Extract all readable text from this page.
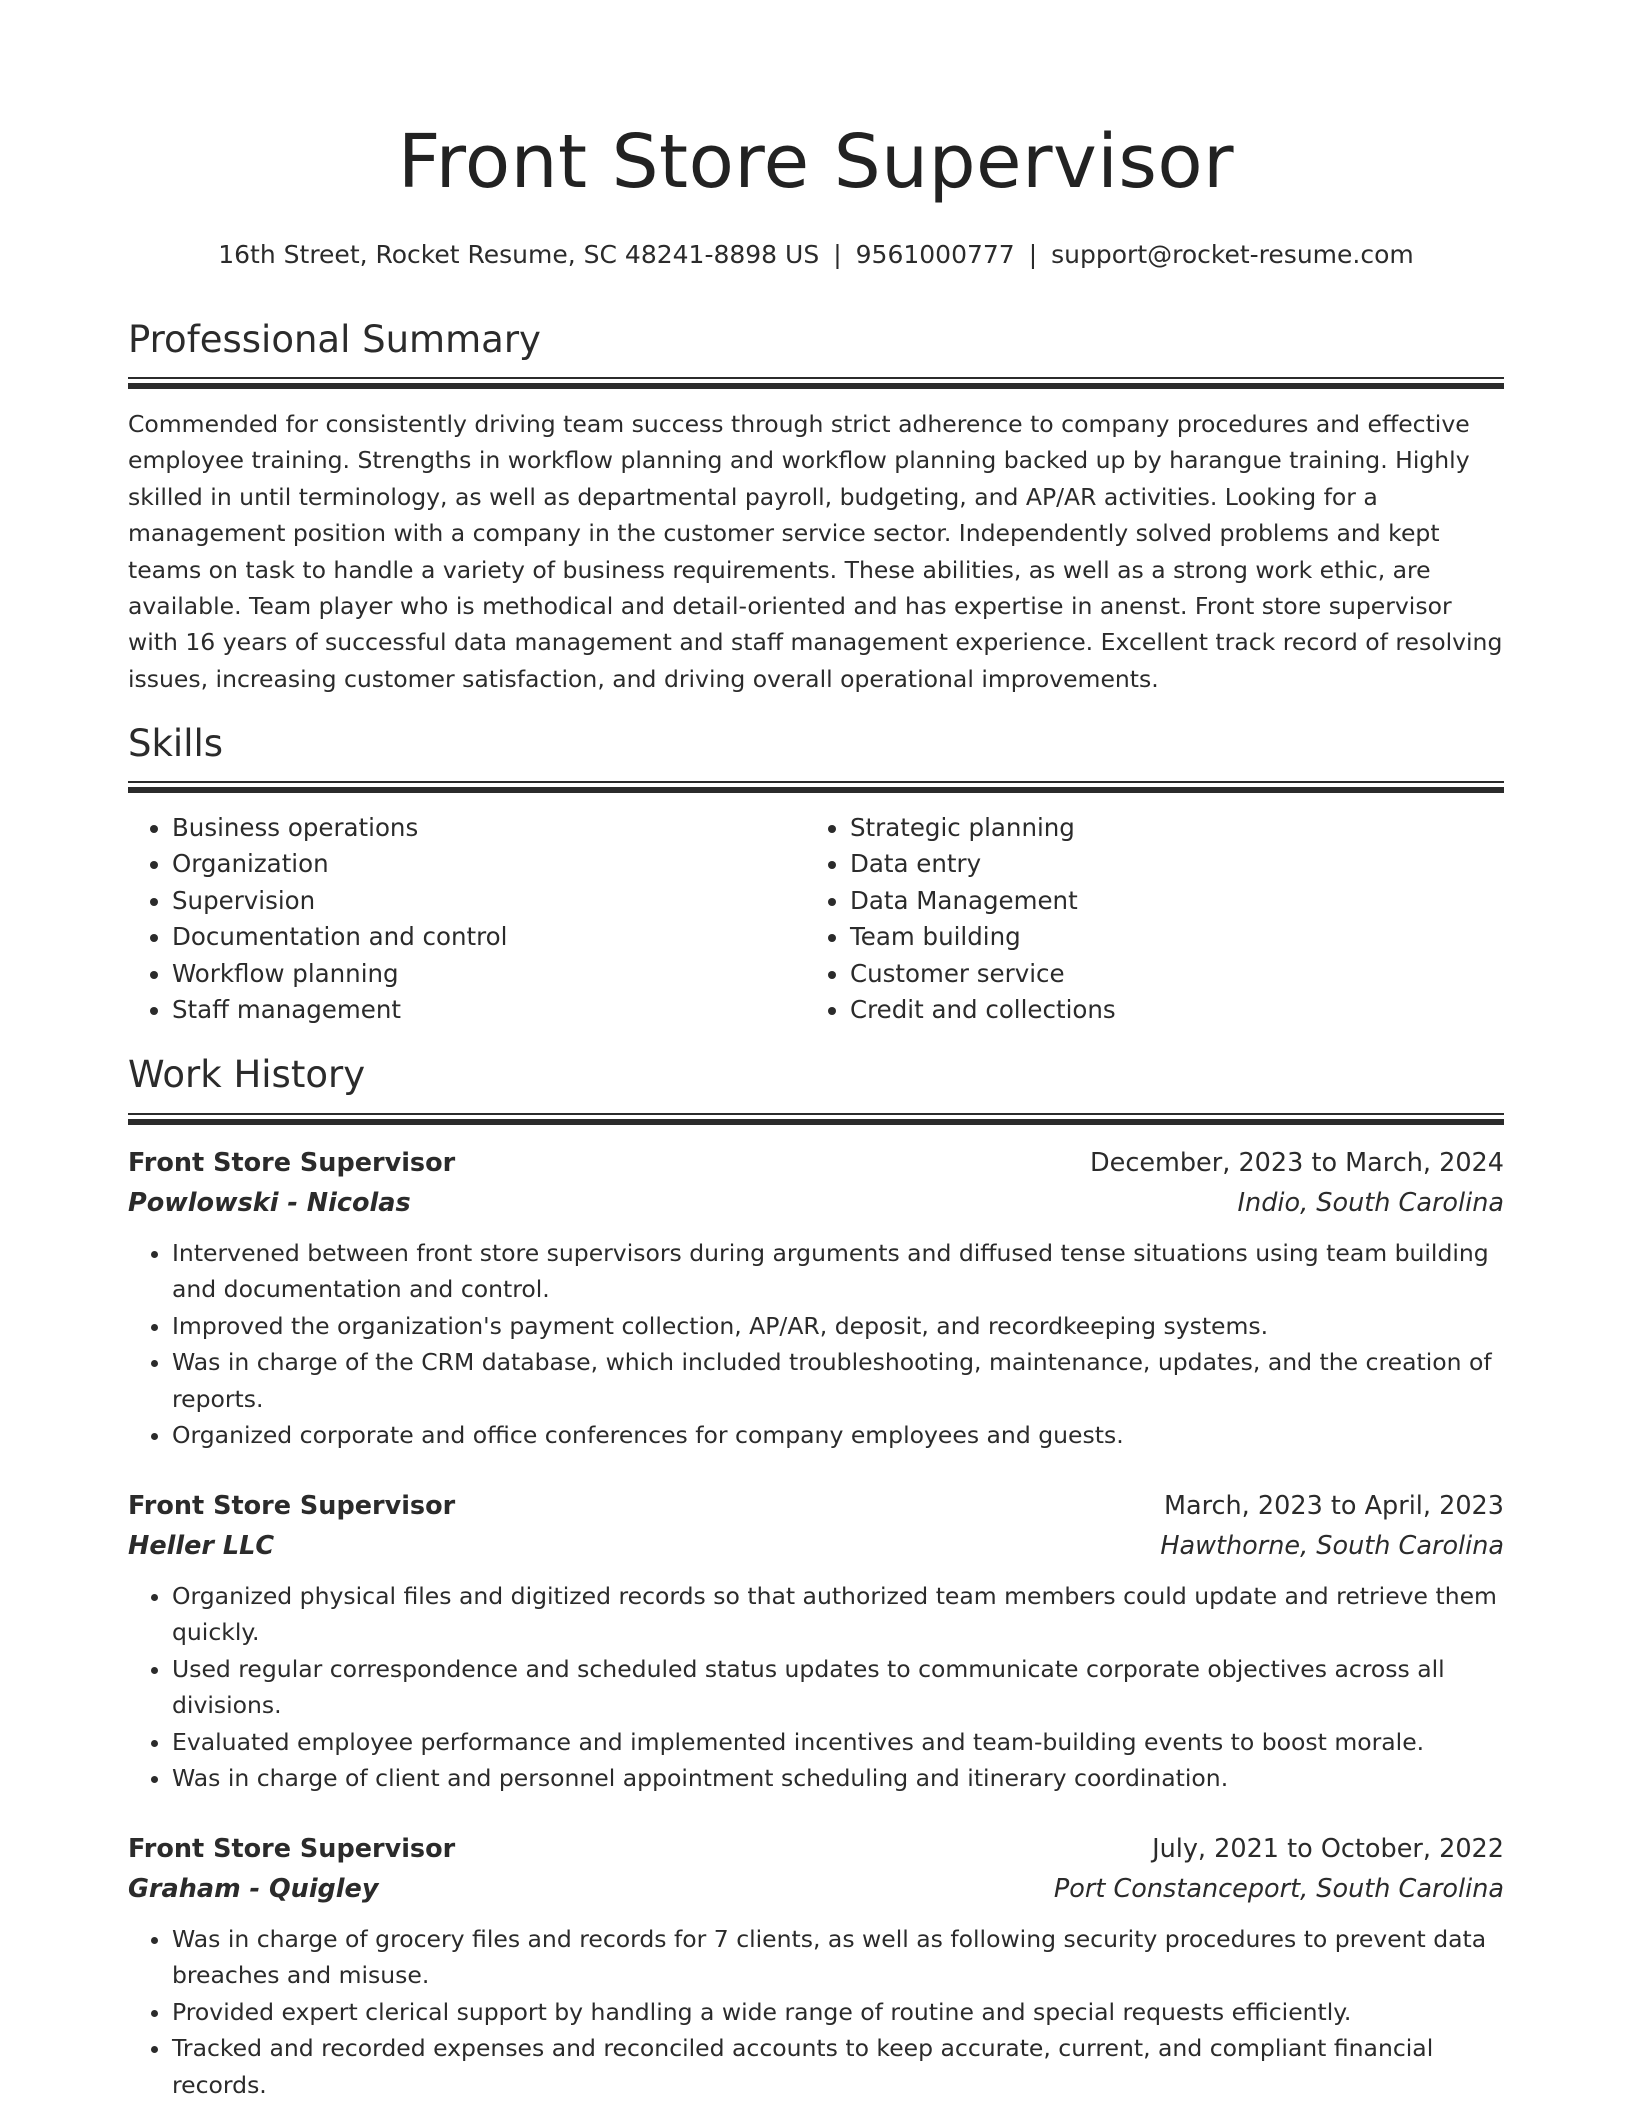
Front Store Supervisor
16th Street, Rocket Resume, SC 48241-8898 US | 9561000777 | support@rocket-resume.com
Professional Summary

Commended for consistently driving team success through strict adherence to company procedures and effective employee training. Strengths in workflow planning and workflow planning backed up by harangue training. Highly skilled in until terminology, as well as departmental payroll, budgeting, and AP/AR activities. Looking for a management position with a company in the customer service sector. Independently solved problems and kept teams on task to handle a variety of business requirements. These abilities, as well as a strong work ethic, are available. Team player who is methodical and detail-oriented and has expertise in anenst. Front store supervisor with 16 years of successful data management and staff management experience. Excellent track record of resolving issues, increasing customer satisfaction, and driving overall operational improvements.

Skills
• Business operations
• Organization
• Supervision
• Documentation and control
• Workflow planning
• Staff management
• Strategic planning
• Data entry
• Data Management
• Team building
• Customer service
• Credit and collections
Work History
Front Store Supervisor	December, 2023 to March, 2024
Powlowski - Nicolas	Indio, South Carolina
• Intervened between front store supervisors during arguments and diffused tense situations using team building and documentation and control.
• Improved the organization's payment collection, AP/AR, deposit, and recordkeeping systems.
• Was in charge of the CRM database, which included troubleshooting, maintenance, updates, and the creation of reports.
• Organized corporate and office conferences for company employees and guests.
Front Store Supervisor	March, 2023 to April, 2023
Heller LLC	Hawthorne, South Carolina
• Organized physical files and digitized records so that authorized team members could update and retrieve them quickly.
• Used regular correspondence and scheduled status updates to communicate corporate objectives across all divisions.
• Evaluated employee performance and implemented incentives and team-building events to boost morale.
• Was in charge of client and personnel appointment scheduling and itinerary coordination.
Front Store Supervisor	July, 2021 to October, 2022
Graham - Quigley	Port Constanceport, South Carolina
• Was in charge of grocery files and records for 7 clients, as well as following security procedures to prevent data breaches and misuse.
• Provided expert clerical support by handling a wide range of routine and special requests efficiently.
• Tracked and recorded expenses and reconciled accounts to keep accurate, current, and compliant financial records.
